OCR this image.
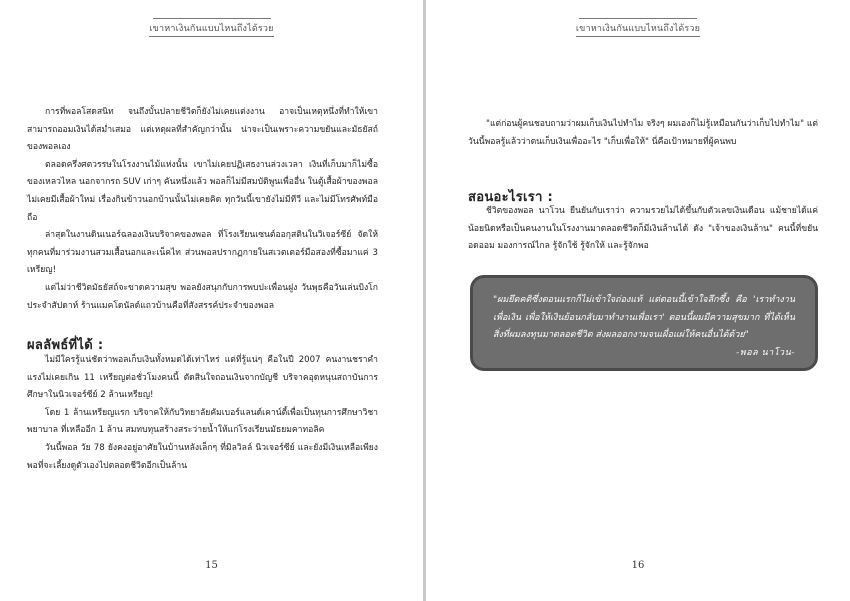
เขาหาเงินกันแบบไหนถึงได้รวย

การที่พอลโสดสนิท จนถึงบั้นปลายชีวิตก็ยังไม่เคยแต่งงาน อาจเป็นเหตุหนึ่งที่ทำให้เขาสามารถออมเงินได้สม่ำเสมอ แต่เหตุผลที่สำคัญกว่านั้น น่าจะเป็นเพราะความขยันและมัธยัสถ์ของพอลเอง

ตลอดครึ่งศตวรรษในโรงงานไม้แห่งนั้น เขาไม่เคยปฏิเสธงานล่วงเวลา เงินที่เก็บมาก็ไม่ซื้อของเหลวไหล นอกจากรถ SUV เก่าๆ คันหนึ่งแล้ว พอลก็ไม่มีสมบัติพูนเพื่ออื่น ในตู้เสื้อผ้าของพอลไม่เคยมีเสื้อผ้าใหม่ เรื่องกินข้าวนอกบ้านนั้นไม่เคยคิด ทุกวันนี้เขายังไม่มีทีวี และไม่มีโทรศัพท์มือถือ

ล่าสุดในงานดินเนอร์ฉลองเงินบริจาคของพอล ที่โรงเรียนเซนต์ออกุสตินในวิเจอร์ซีย์ จัดให้ ทุกคนที่มาร่วมงานสวมเสื้อนอกและเน็คไท ส่วนพอลปรากฏกายในสเวตเตอร์มือสองที่ซื้อมาแค่ 3 เหรียญ!

แต่ไม่ว่าชีวิตมัธยัสถ์จะขาดความสุข พอลยังสนุกกับการพบปะเพื่อนฝูง วันพุธคือวันเล่นบิงโกประจำสัปดาห์ ร้านแมคโดนัลด์แถวบ้านคือที่สังสรรค์ประจำของพอล

ผลลัพธ์ที่ได้ :

ไม่มีใครรู้แน่ชัดว่าพอลเก็บเงินทั้งหมดได้เท่าไหร่ แต่ที่รู้แน่ๆ คือในปี 2007 คนงานชราคำแรงไม่เคยเกิน 11 เหรียญต่อชั่วโมงคนนี้ ตัดสินใจถอนเงินจากบัญชี บริจาคอุดหนุนสถาบันการศึกษาในนิวเจอร์ซีย์ 2 ล้านเหรียญ!

โดย 1 ล้านเหรียญแรก บริจาคให้กับวิทยาลัยคัมเบอร์แลนด์เคาน์ตี้เพื่อเป็นทุนการศึกษาวิชาพยาบาล ที่เหลืออีก 1 ล้าน สมทบทุนสร้างสระว่ายน้ำให้แก่โรงเรียนมัธยมคาทอลิค

วันนี้พอล วัย 78 ยังคงอยู่อาศัยในบ้านหลังเล็กๆ ที่มิลวิลล์ นิวเจอร์ซีย์ และยังมีเงินเหลือเพียงพอที่จะเลี้ยงดูตัวเองไปตลอดชีวิตอีกเป็นล้าน

15
เขาหาเงินกันแบบไหนถึงได้รวย

"แต่ก่อนผู้คนชอบถามว่าผมเก็บเงินไปทำไม จริงๆ ผมเองก็ไม่รู้เหมือนกันว่าเก็บไปทำไม" แต่วันนี้พอลรู้แล้วว่าตนเก็บเงินเพื่ออะไร "เก็บเพื่อให้" นี่คือเป้าหมายที่ผู้คนพบ

สอนอะไรเรา :

ชีวิตของพอล นาโวน ยืนยันกับเราว่า ความรวยไม่ได้ขึ้นกับตัวเลขเงินเดือน แม้ชายได้แค่น้อยนิดหรือเป็นคนงานในโรงงานมาตลอดชีวิตก็มีเงินล้านได้ ดัง "เจ้าของเงินล้าน" คนนี้ที่ขยัน อดออม มองการณ์ไกล รู้จักใช้ รู้จักให้ และรู้จักพอ

"ผมยึดคติซึ่งตอนแรกก็ไม่เข้าใจถ่องแท้ แต่ตอนนี้เข้าใจลึกซึ้ง คือ 'เราทำงานเพื่อเงิน เพื่อให้เงินย้อนกลับมาทำงานเพื่อเรา' ตอนนี้ผมมีความสุขมาก ที่ได้เห็นสิ่งที่ผมลงทุนมาตลอดชีวิต ส่งผลออกงามจนเผื่อแผ่ให้คนอื่นได้ด้วย"
-พอล นาโวน-
16
